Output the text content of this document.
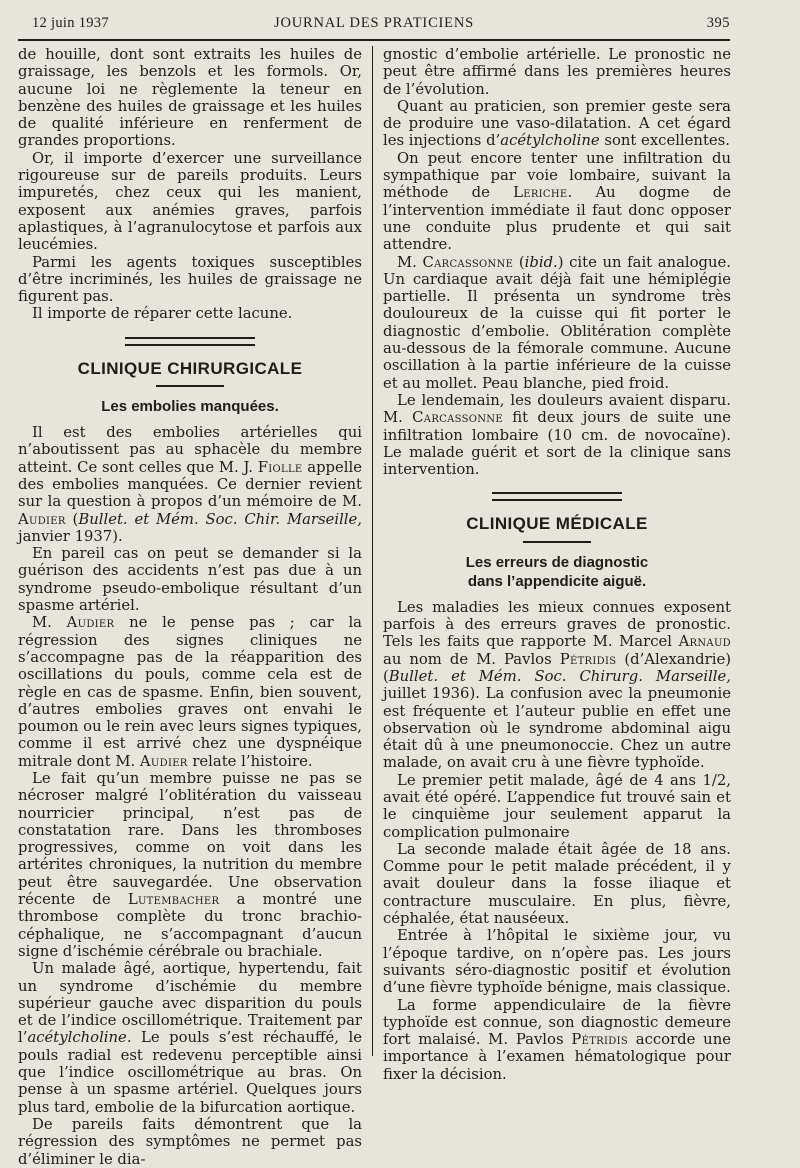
12 juin 1937	JOURNAL DES PRATICIENS	395

de houille, dont sont extraits les huiles de graissage, les benzols et les formols. Or, aucune loi ne règlemente la teneur en benzène des huiles de graissage et les huiles de qualité inférieure en renferment de grandes proportions.

Or, il importe d’exercer une surveillance rigoureuse sur de pareils produits. Leurs impuretés, chez ceux qui les manient, exposent aux anémies graves, parfois aplastiques, à l’agranulocytose et parfois aux leucémies.

Parmi les agents toxiques susceptibles d’être incriminés, les huiles de graissage ne figurent pas.

Il importe de réparer cette lacune.

CLINIQUE CHIRURGICALE
Les embolies manquées.

Il est des embolies artérielles qui n’aboutissent pas au sphacèle du membre atteint. Ce sont celles que M. J. Fiolle appelle des embolies manquées. Ce dernier revient sur la question à propos d’un mémoire de M. Audier (Bullet. et Mém. Soc. Chir. Marseille, janvier 1937).

En pareil cas on peut se demander si la guérison des accidents n’est pas due à un syndrome pseudo-embolique résultant d’un spasme artériel.

M. Audier ne le pense pas ; car la régression des signes cliniques ne s’accompagne pas de la réapparition des oscillations du pouls, comme cela est de règle en cas de spasme. Enfin, bien souvent, d’autres embolies graves ont envahi le poumon ou le rein avec leurs signes typiques, comme il est arrivé chez une dyspnéique mitrale dont M. Audier relate l’histoire.

Le fait qu’un membre puisse ne pas se nécroser malgré l’oblitération du vaisseau nourricier principal, n’est pas de constatation rare. Dans les thromboses progressives, comme on voit dans les artérites chroniques, la nutrition du membre peut être sauvegardée. Une observation récente de Lutembacher a montré une thrombose complète du tronc brachio-céphalique, ne s’accompagnant d’aucun signe d’ischémie cérébrale ou brachiale.

Un malade âgé, aortique, hypertendu, fait un syndrome d’ischémie du membre supérieur gauche avec disparition du pouls et de l’indice oscillométrique. Traitement par l’acétylcholine. Le pouls s’est réchauffé, le pouls radial est redevenu perceptible ainsi que l’indice oscillométrique au bras. On pense à un spasme artériel. Quelques jours plus tard, embolie de la bifurcation aortique.

De pareils faits démontrent que la régression des symptômes ne permet pas d’éliminer le dia-

gnostic d’embolie artérielle. Le pronostic ne peut être affirmé dans les premières heures de l’évolution.

Quant au praticien, son premier geste sera de produire une vaso-dilatation. A cet égard les injections d’acétylcholine sont excellentes.

On peut encore tenter une infiltration du sympathique par voie lombaire, suivant la méthode de Leriche. Au dogme de l’intervention immédiate il faut donc opposer une conduite plus prudente et qui sait attendre.

M. Carcassonne (ibid.) cite un fait analogue. Un cardiaque avait déjà fait une hémiplégie partielle. Il présenta un syndrome très douloureux de la cuisse qui fit porter le diagnostic d’embolie. Oblitération complète au-dessous de la fémorale commune. Aucune oscillation à la partie inférieure de la cuisse et au mollet. Peau blanche, pied froid.

Le lendemain, les douleurs avaient disparu. M. Carcassonne fit deux jours de suite une infiltration lombaire (10 cm. de novocaïne). Le malade guérit et sort de la clinique sans intervention.

CLINIQUE MÉDICALE
Les erreurs de diagnostic
dans l’appendicite aiguë.

Les maladies les mieux connues exposent parfois à des erreurs graves de pronostic. Tels les faits que rapporte M. Marcel Arnaud au nom de M. Pavlos Pétridis (d’Alexandrie) (Bullet. et Mém. Soc. Chirurg. Marseille, juillet 1936). La confusion avec la pneumonie est fréquente et l’auteur publie en effet une observation où le syndrome abdominal aigu était dû à une pneumonoccie. Chez un autre malade, on avait cru à une fièvre typhoïde.

Le premier petit malade, âgé de 4 ans 1/2, avait été opéré. L’appendice fut trouvé sain et le cinquième jour seulement apparut la complication pulmonaire

La seconde malade était âgée de 18 ans. Comme pour le petit malade précédent, il y avait douleur dans la fosse iliaque et contracture musculaire. En plus, fièvre, céphalée, état nauséeux.

Entrée à l’hôpital le sixième jour, vu l’époque tardive, on n’opère pas. Les jours suivants séro-diagnostic positif et évolution d’une fièvre typhoïde bénigne, mais classique.

La forme appendiculaire de la fièvre typhoïde est connue, son diagnostic demeure fort malaisé. M. Pavlos Pétridis accorde une importance à l’examen hématologique pour fixer la décision.
